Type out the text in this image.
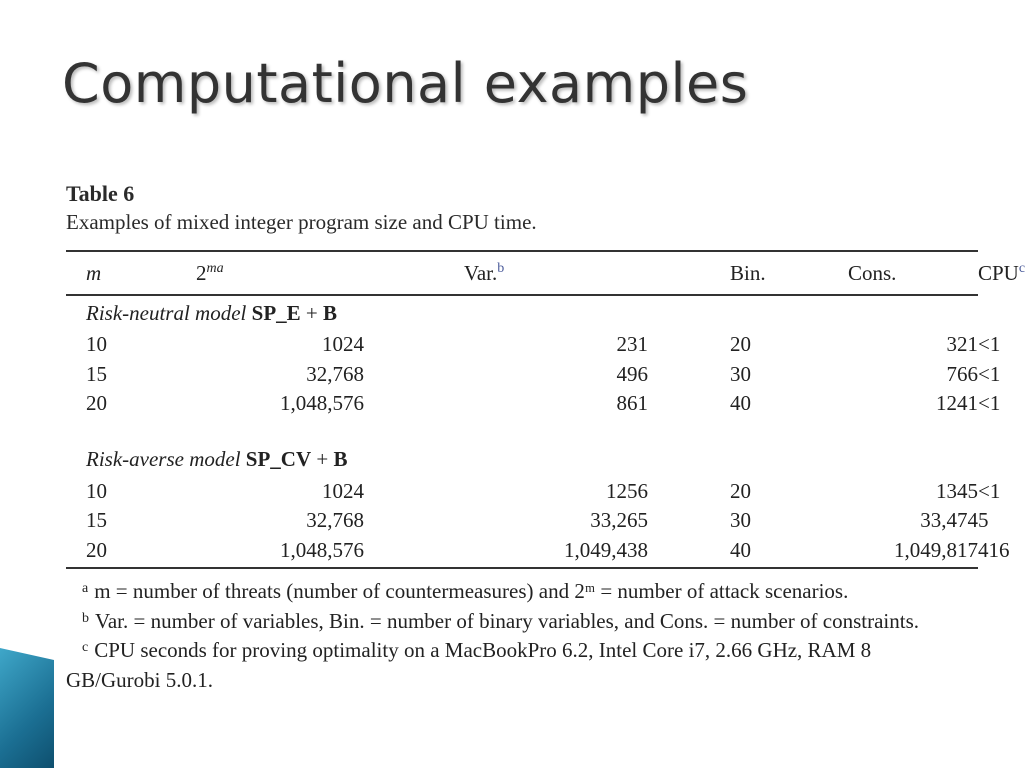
Computational examples
Table 6
Examples of mixed integer program size and CPU time.
m	$2^{ma}$	Var.$^b$	Bin.	Cons.	CPU$^c$
Risk-neutral model SP_E + B					
10	1024	231	20	321	<1
15	32,768	496	30	766	<1
20	1,048,576	861	40	1241	<1

Risk-averse model SP_CV + B					
10	1024	1256	20	1345	<1
15	32,768	33,265	30	33,474	5
20	1,048,576	1,049,438	40	1,049,817	416
a m = number of threats (number of countermeasures) and 2ᵐ = number of attack scenarios.
b Var. = number of variables, Bin. = number of binary variables, and Cons. = number of constraints.
c CPU seconds for proving optimality on a MacBookPro 6.2, Intel Core i7, 2.66 GHz, RAM 8 GB/Gurobi 5.0.1.
